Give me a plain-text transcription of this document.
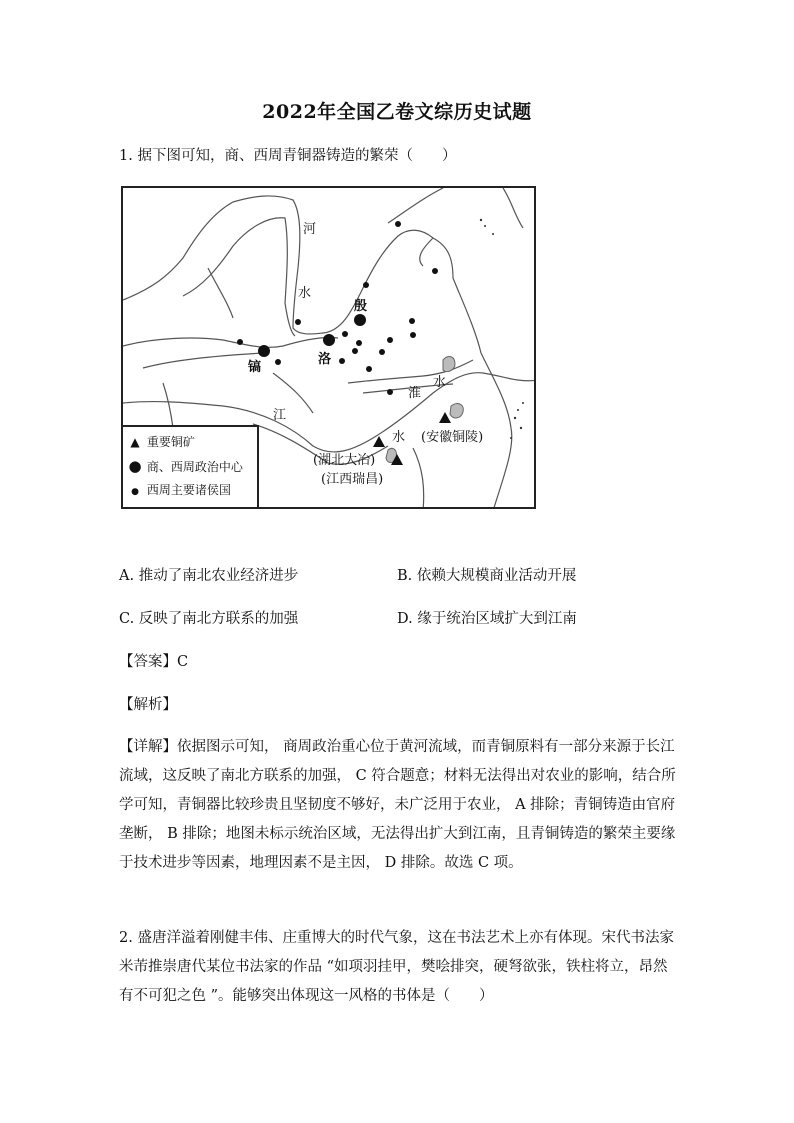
2022年全国乙卷文综历史试题
1. 据下图可知，商、西周青铜器铸造的繁荣（　　）
河
水
殷
洛
镐
淮
水
江
水 (安徽铜陵)
(湖北大冶)
(江西瑞昌)
▲ 重要铜矿
● 商、西周政治中心
● 西周主要诸侯国
A. 推动了南北农业经济进步	B. 依赖大规模商业活动开展
C. 反映了南北方联系的加强	D. 缘于统治区域扩大到江南
【答案】C
【解析】
【详解】依据图示可知， 商周政治重心位于黄河流域，而青铜原料有一部分来源于长江流域，这反映了南北方联系的加强， C 符合题意；材料无法得出对农业的影响，结合所学可知，青铜器比较珍贵且坚韧度不够好，未广泛用于农业， A 排除；青铜铸造由官府垄断， B 排除；地图未标示统治区域，无法得出扩大到江南，且青铜铸造的繁荣主要缘于技术进步等因素，地理因素不是主因， D 排除。故选 C 项。
2. 盛唐洋溢着刚健丰伟、庄重博大的时代气象，这在书法艺术上亦有体现。宋代书法家米芾推崇唐代某位书法家的作品 “如项羽挂甲，樊哙排突，硬弩欲张，铁柱将立，昂然有不可犯之色 ”。能够突出体现这一风格的书体是（　　）
